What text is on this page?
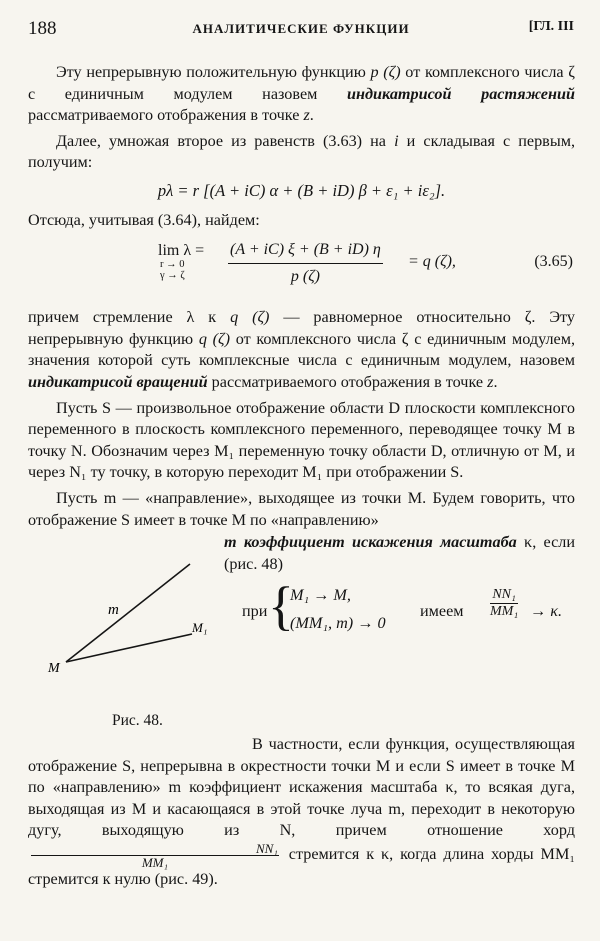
188	АНАЛИТИЧЕСКИЕ ФУНКЦИИ	[ГЛ. III

Эту непрерывную положительную функцию p (ζ) от комплексного числа ζ с единичным модулем назовем индикатрисой растяжений рассматриваемого отображения в точке z.

Далее, умножая второе из равенств (3.63) на i и складывая с первым, получим:

pλ = r [(A + iC) α + (B + iD) β + ε₁ + iε₂].

Отсюда, учитывая (3.64), найдем:

lim λ =
r → 0
γ → ζ	$\frac{(A + iC) \xi + (B + iD) \eta}{p (\zeta)} = q$ (ζ),	(3.65)

причем стремление λ к q (ζ) — равномерное относительно ζ. Эту непрерывную функцию q (ζ) от комплексного числа ζ с единичным модулем, значения которой суть комплексные числа с единичным модулем, назовем индикатрисой вращений рассматриваемого отображения в точке z.

Пусть S — произвольное отображение области D плоскости комплексного переменного в плоскость комплексного переменного, переводящее точку M в точку N. Обозначим через M₁ переменную точку области D, отличную от M, и через N₁ ту точку, в которую переходит M₁ при отображении S.

Пусть m — «направление», выходящее из точки M. Будем говорить, что отображение S имеет в точке M по «направлению»

m
M
M₁

m коэффициент искажения масштаба κ, если (рис. 48)

при {
M₁ → M,
(MM₁, m) → 0
имеем
NN₁
MM₁ → κ.
Рис. 48.

В частности, если функция, осуществляющая отображение S, непрерывна в окрестности точки M и если S имеет в точке M по «направлению» m коэффициент искажения масштаба κ, то всякая дуга, выходящая из M и касающаяся в этой точке луча m, переходит в некоторую дугу, выходящую из N, причем отношение хорд
$\frac{\text{NN₁}}{\text{MM₁}}$ стремится к κ, когда длина хорды MM₁ стремится к нулю (рис. 49).
